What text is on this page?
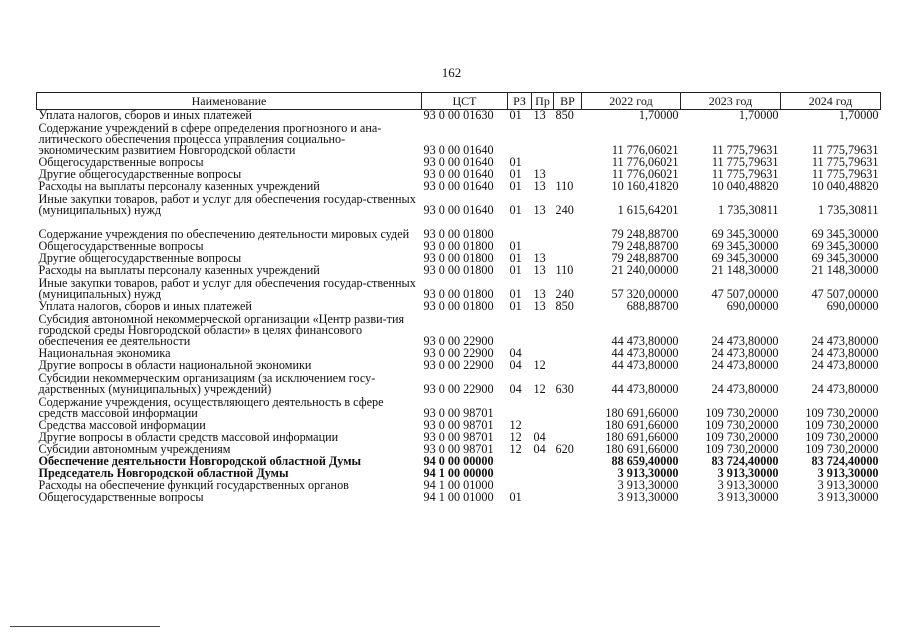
162
Наименование	ЦСТ	РЗ	Пр	ВР	2022 год	2023 год	2024 год
Уплата налогов, сборов и иных платежей	93 0 00 01630	01	13	850	1,70000	1,70000	1,70000
Содержание учреждений в сфере определения прогнозного и ана-литического обеспечения процесса управления социально-экономическим развитием Новгородской области	93 0 00 01640				11 776,06021	11 775,79631	11 775,79631
Общегосударственные вопросы	93 0 00 01640	01			11 776,06021	11 775,79631	11 775,79631
Другие общегосударственные вопросы	93 0 00 01640	01	13		11 776,06021	11 775,79631	11 775,79631
Расходы на выплаты персоналу казенных учреждений	93 0 00 01640	01	13	110	10 160,41820	10 040,48820	10 040,48820
Иные закупки товаров, работ и услуг для обеспечения государ-ственных (муниципальных) нужд	93 0 00 01640	01	13	240	1 615,64201	1 735,30811	1 735,30811
Содержание учреждения по обеспечению деятельности мировых судей	93 0 00 01800				79 248,88700	69 345,30000	69 345,30000
Общегосударственные вопросы	93 0 00 01800	01			79 248,88700	69 345,30000	69 345,30000
Другие общегосударственные вопросы	93 0 00 01800	01	13		79 248,88700	69 345,30000	69 345,30000
Расходы на выплаты персоналу казенных учреждений	93 0 00 01800	01	13	110	21 240,00000	21 148,30000	21 148,30000
Иные закупки товаров, работ и услуг для обеспечения государ-ственных (муниципальных) нужд	93 0 00 01800	01	13	240	57 320,00000	47 507,00000	47 507,00000
Уплата налогов, сборов и иных платежей	93 0 00 01800	01	13	850	688,88700	690,00000	690,00000
Субсидия автономной некоммерческой организации «Центр разви-тия городской среды Новгородской области» в целях финансового обеспечения ее деятельности	93 0 00 22900				44 473,80000	24 473,80000	24 473,80000
Национальная экономика	93 0 00 22900	04			44 473,80000	24 473,80000	24 473,80000
Другие вопросы в области национальной экономики	93 0 00 22900	04	12		44 473,80000	24 473,80000	24 473,80000
Субсидии некоммерческим организациям (за исключением госу-дарственных (муниципальных) учреждений)	93 0 00 22900	04	12	630	44 473,80000	24 473,80000	24 473,80000
Содержание учреждения, осуществляющего деятельность в сфере средств массовой информации	93 0 00 98701				180 691,66000	109 730,20000	109 730,20000
Средства массовой информации	93 0 00 98701	12			180 691,66000	109 730,20000	109 730,20000
Другие вопросы в области средств массовой информации	93 0 00 98701	12	04		180 691,66000	109 730,20000	109 730,20000
Субсидии автономным учреждениям	93 0 00 98701	12	04	620	180 691,66000	109 730,20000	109 730,20000
Обеспечение деятельности Новгородской областной Думы	94 0 00 00000				88 659,40000	83 724,40000	83 724,40000
Председатель Новгородской областной Думы	94 1 00 00000				3 913,30000	3 913,30000	3 913,30000
Расходы на обеспечение функций государственных органов	94 1 00 01000				3 913,30000	3 913,30000	3 913,30000
Общегосударственные вопросы	94 1 00 01000	01			3 913,30000	3 913,30000	3 913,30000
